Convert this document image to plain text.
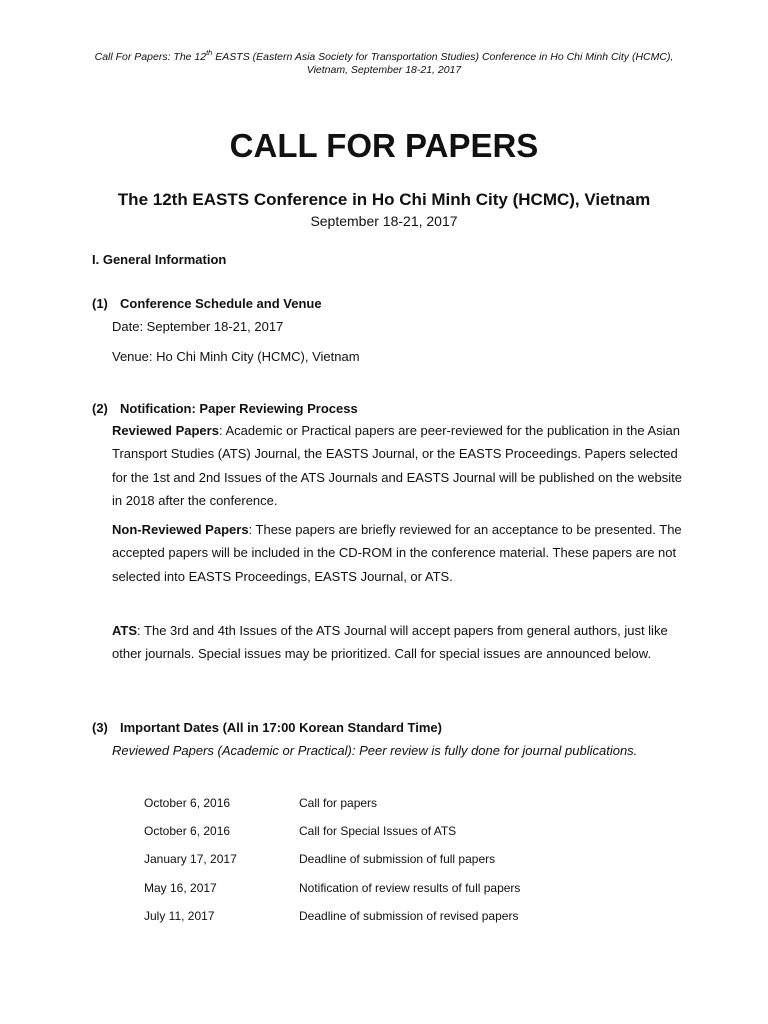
Call For Papers: The 12th EASTS (Eastern Asia Society for Transportation Studies) Conference in Ho Chi Minh City (HCMC),
Vietnam, September 18-21, 2017
CALL FOR PAPERS
The 12th EASTS Conference in Ho Chi Minh City (HCMC), Vietnam
September 18-21, 2017
I. General Information
(1) Conference Schedule and Venue
Date: September 18-21, 2017
Venue: Ho Chi Minh City (HCMC), Vietnam
(2) Notification: Paper Reviewing Process
Reviewed Papers: Academic or Practical papers are peer-reviewed for the publication in the Asian Transport Studies (ATS) Journal, the EASTS Journal, or the EASTS Proceedings. Papers selected for the 1st and 2nd Issues of the ATS Journals and EASTS Journal will be published on the website in 2018 after the conference.
Non-Reviewed Papers: These papers are briefly reviewed for an acceptance to be presented. The accepted papers will be included in the CD-ROM in the conference material. These papers are not selected into EASTS Proceedings, EASTS Journal, or ATS.
ATS: The 3rd and 4th Issues of the ATS Journal will accept papers from general authors, just like other journals. Special issues may be prioritized. Call for special issues are announced below.
(3) Important Dates (All in 17:00 Korean Standard Time)
Reviewed Papers (Academic or Practical): Peer review is fully done for journal publications.
October 6, 2016	Call for papers
October 6, 2016	Call for Special Issues of ATS
January 17, 2017	Deadline of submission of full papers
May 16, 2017	Notification of review results of full papers
July 11, 2017	Deadline of submission of revised papers
